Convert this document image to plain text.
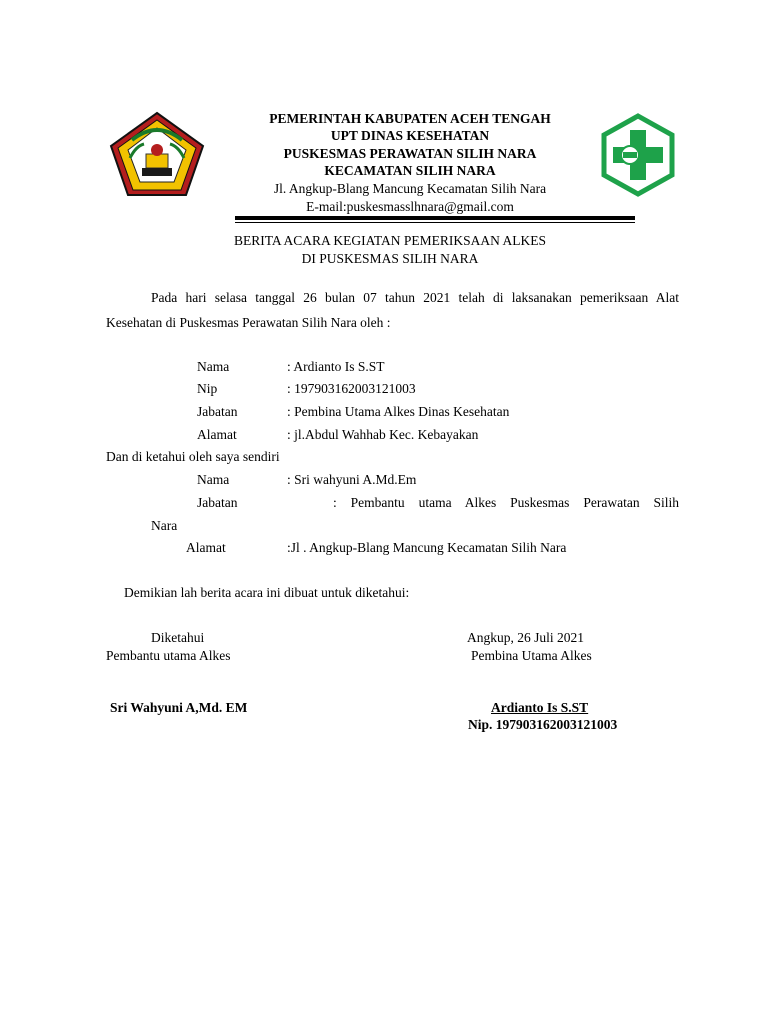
PEMERINTAH KABUPATEN ACEH TENGAH
UPT DINAS KESEHATAN
PUSKESMAS PERAWATAN SILIH NARA
KECAMATAN SILIH NARA
Jl. Angkup-Blang Mancung Kecamatan Silih Nara
E-mail:puskesmasslhnara@gmail.com
BERITA ACARA KEGIATAN PEMERIKSAAN ALKES
DI PUSKESMAS SILIH NARA
Pada hari selasa tanggal 26 bulan 07 tahun 2021 telah di laksanakan pemeriksaan Alat
Kesehatan di Puskesmas Perawatan Silih Nara oleh :
Nama	: Ardianto Is S.ST
Nip	: 197903162003121003
Jabatan	: Pembina Utama Alkes Dinas Kesehatan
Alamat	: jl.Abdul Wahhab Kec. Kebayakan
Dan di ketahui oleh saya sendiri
Nama	: Sri wahyuni A.Md.Em
Jabatan	: Pembantu utama Alkes Puskesmas Perawatan Silih
Nara
Alamat	:Jl . Angkup-Blang Mancung Kecamatan Silih Nara
Demikian lah berita acara ini dibuat untuk diketahui:
Diketahui
Pembantu utama Alkes
Sri Wahyuni A,Md. EM
Angkup, 26 Juli 2021
Pembina Utama Alkes
Ardianto Is S.ST
Nip. 197903162003121003
